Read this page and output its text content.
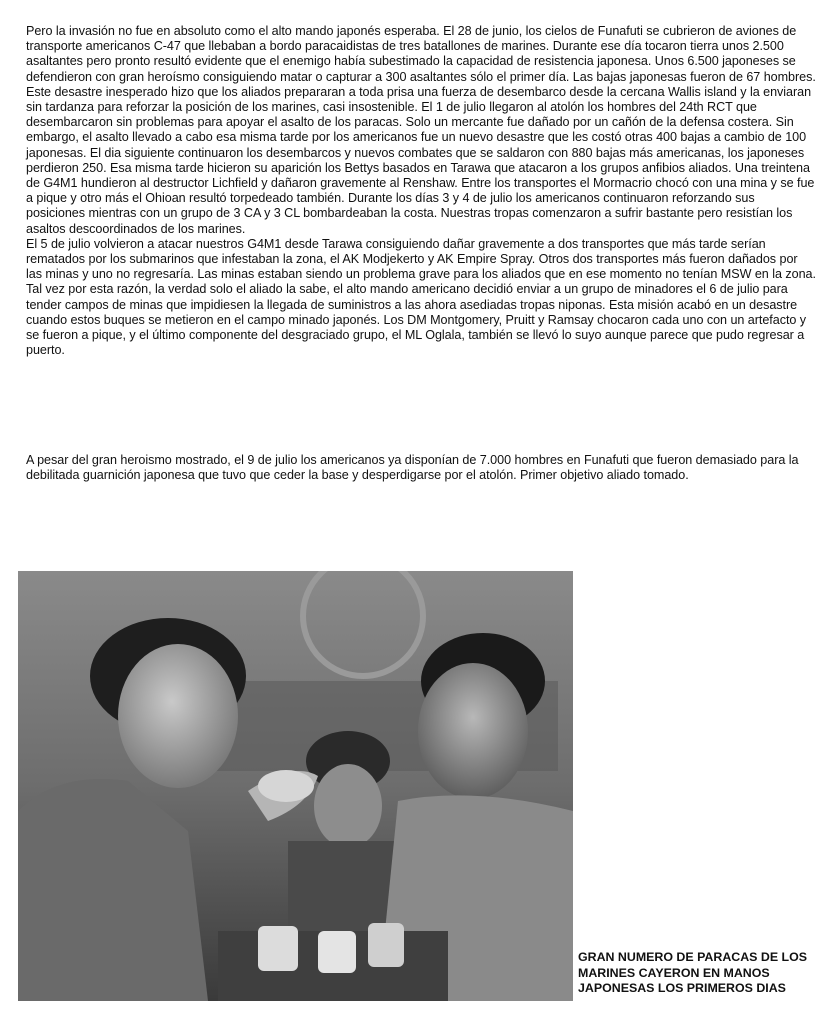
Pero la invasión no fue en absoluto como el alto mando japonés esperaba. El 28 de junio, los cielos de Funafuti se cubrieron de aviones de transporte americanos C-47 que llebaban a bordo paracaidistas de tres batallones de marines. Durante ese día tocaron tierra unos 2.500 asaltantes pero pronto resultó evidente que el enemigo había subestimado la capacidad de resistencia japonesa. Unos 6.500 japoneses se defendieron con gran heroísmo consiguiendo matar o capturar a 300 asaltantes sólo el primer día. Las bajas japonesas fueron de 67 hombres.

Este desastre inesperado hizo que los aliados prepararan a toda prisa una fuerza de desembarco desde la cercana Wallis island y la enviaran sin tardanza para reforzar la posición de los marines, casi insostenible. El 1 de julio llegaron al atolón los hombres del 24th RCT que desembarcaron sin problemas para apoyar el asalto de los paracas. Solo un mercante fue dañado por un cañón de la defensa costera. Sin embargo, el asalto llevado a cabo esa misma tarde por los americanos fue un nuevo desastre que les costó otras 400 bajas a cambio de 100 japonesas. El dia siguiente continuaron los desembarcos y nuevos combates que se saldaron con 880 bajas más americanas, los japoneses perdieron 250. Esa misma tarde hicieron su aparición los Bettys basados en Tarawa que atacaron a los grupos anfibios aliados. Una treintena de G4M1 hundieron al destructor Lichfield y dañaron gravemente al Renshaw. Entre los transportes el Mormacrio chocó con una mina y se fue a pique y otro más el Ohioan resultó torpedeado también. Durante los días 3 y 4 de julio los americanos continuaron reforzando sus posiciones mientras con un grupo de 3 CA y 3 CL bombardeaban la costa. Nuestras tropas comenzaron a sufrir bastante pero resistían los asaltos descoordinados de los marines.

El 5 de julio volvieron a atacar nuestros G4M1 desde Tarawa consiguiendo dañar gravemente a dos transportes que más tarde serían rematados por los submarinos que infestaban la zona, el AK Modjekerto y AK Empire Spray. Otros dos transportes más fueron dañados por las minas y uno no regresaría. Las minas estaban siendo un problema grave para los aliados que en ese momento no tenían MSW en la zona. Tal vez por esta razón, la verdad solo el aliado la sabe, el alto mando americano decidió enviar a un grupo de minadores el 6 de julio para tender campos de minas que impidiesen la llegada de suministros a las ahora asediadas tropas niponas. Esta misión acabó en un desastre cuando estos buques se metieron en el campo minado japonés. Los DM Montgomery, Pruitt y Ramsay chocaron cada uno con un artefacto y se fueron a pique, y el último componente del desgraciado grupo, el ML Oglala, también se llevó lo suyo aunque parece que pudo regresar a puerto.

A pesar del gran heroismo mostrado, el 9 de julio los americanos ya disponían de 7.000 hombres en Funafuti que fueron demasiado para la debilitada guarnición japonesa que tuvo que ceder la base y desperdigarse por el atolón. Primer objetivo aliado tomado.

GRAN NUMERO DE PARACAS DE LOS MARINES CAYERON EN MANOS JAPONESAS LOS PRIMEROS DIAS
